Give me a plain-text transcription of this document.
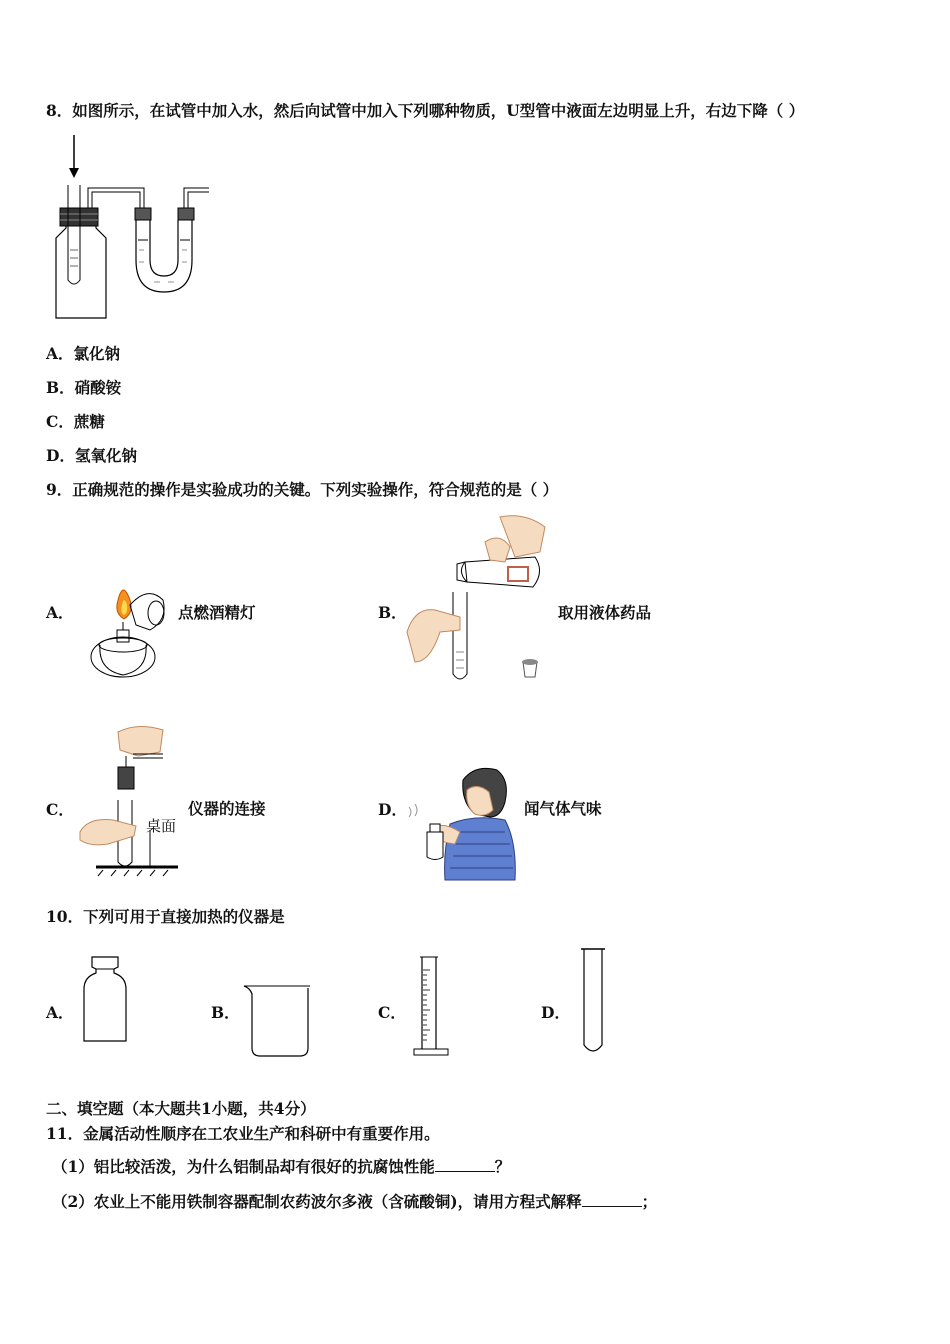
8．如图所示，在试管中加入水，然后向试管中加入下列哪种物质，U型管中液面左边明显上升，右边下降（ ）
A．氯化钠
B．硝酸铵
C．蔗糖
D．氢氧化钠
9．正确规范的操作是实验成功的关键。下列实验操作，符合规范的是（ ）
A．	点燃酒精灯	B．	取用液体药品
C．
桌面
仪器的连接	D．	闻气体气味
10．下列可用于直接加热的仪器是
A．	B．	C．	D．
二、填空题（本大题共1小题，共4分）
11．金属活动性顺序在工农业生产和科研中有重要作用。
（1）铝比较活泼，为什么铝制品却有很好的抗腐蚀性能	？
（2）农业上不能用铁制容器配制农药波尔多液（含硫酸铜)，请用方程式解释	；
